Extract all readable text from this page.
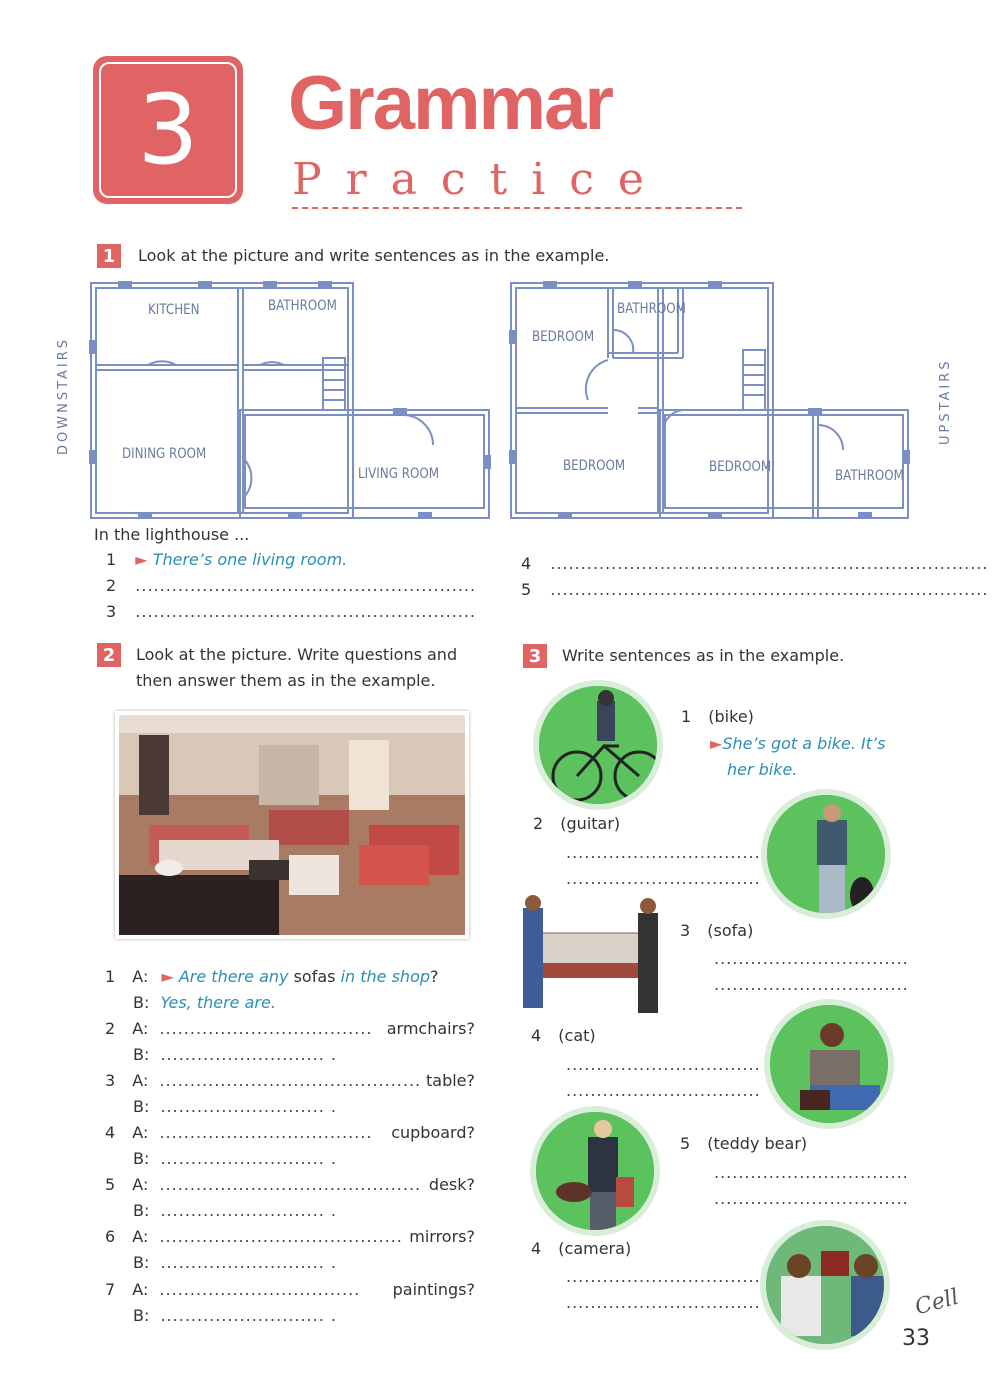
3	Grammar
Practice
1	Look at the picture and write sentences as in the example.
DOWNSTAIRS	UPSTAIRS
KITCHEN	BATHROOM
DINING ROOM
LIVING ROOM
BEDROOM
BATHROOM
BEDROOM	BEDROOM
BATHROOM
In the lighthouse ...
1 ► There’s one living room.
2 ........................................................
3 ........................................................
4 ........................................................................
5 ........................................................................
2	Look at the picture. Write questions and
then answer them as in the example.
1 A: ► Are there any sofas in the shop?
B: Yes, there are.
2 A: ................................... armchairs?
B: ........................... .
3 A: ........................................... table?
B: ........................... .
4 A: ................................... cupboard?
B: ........................... .
5 A: ........................................... desk?
B: ........................... .
6 A: ........................................ mirrors?
B: ........................... .
7 A: ................................. paintings?
B: ........................... .
3	Write sentences as in the example.
1 (bike)
►She’s got a bike. It’s
her bike.
2 (guitar)
................................
................................
3 (sofa)
................................
................................
4 (cat)
................................
................................
5 (teddy bear)
................................
................................
4 (camera)
................................
................................	Cell
33
